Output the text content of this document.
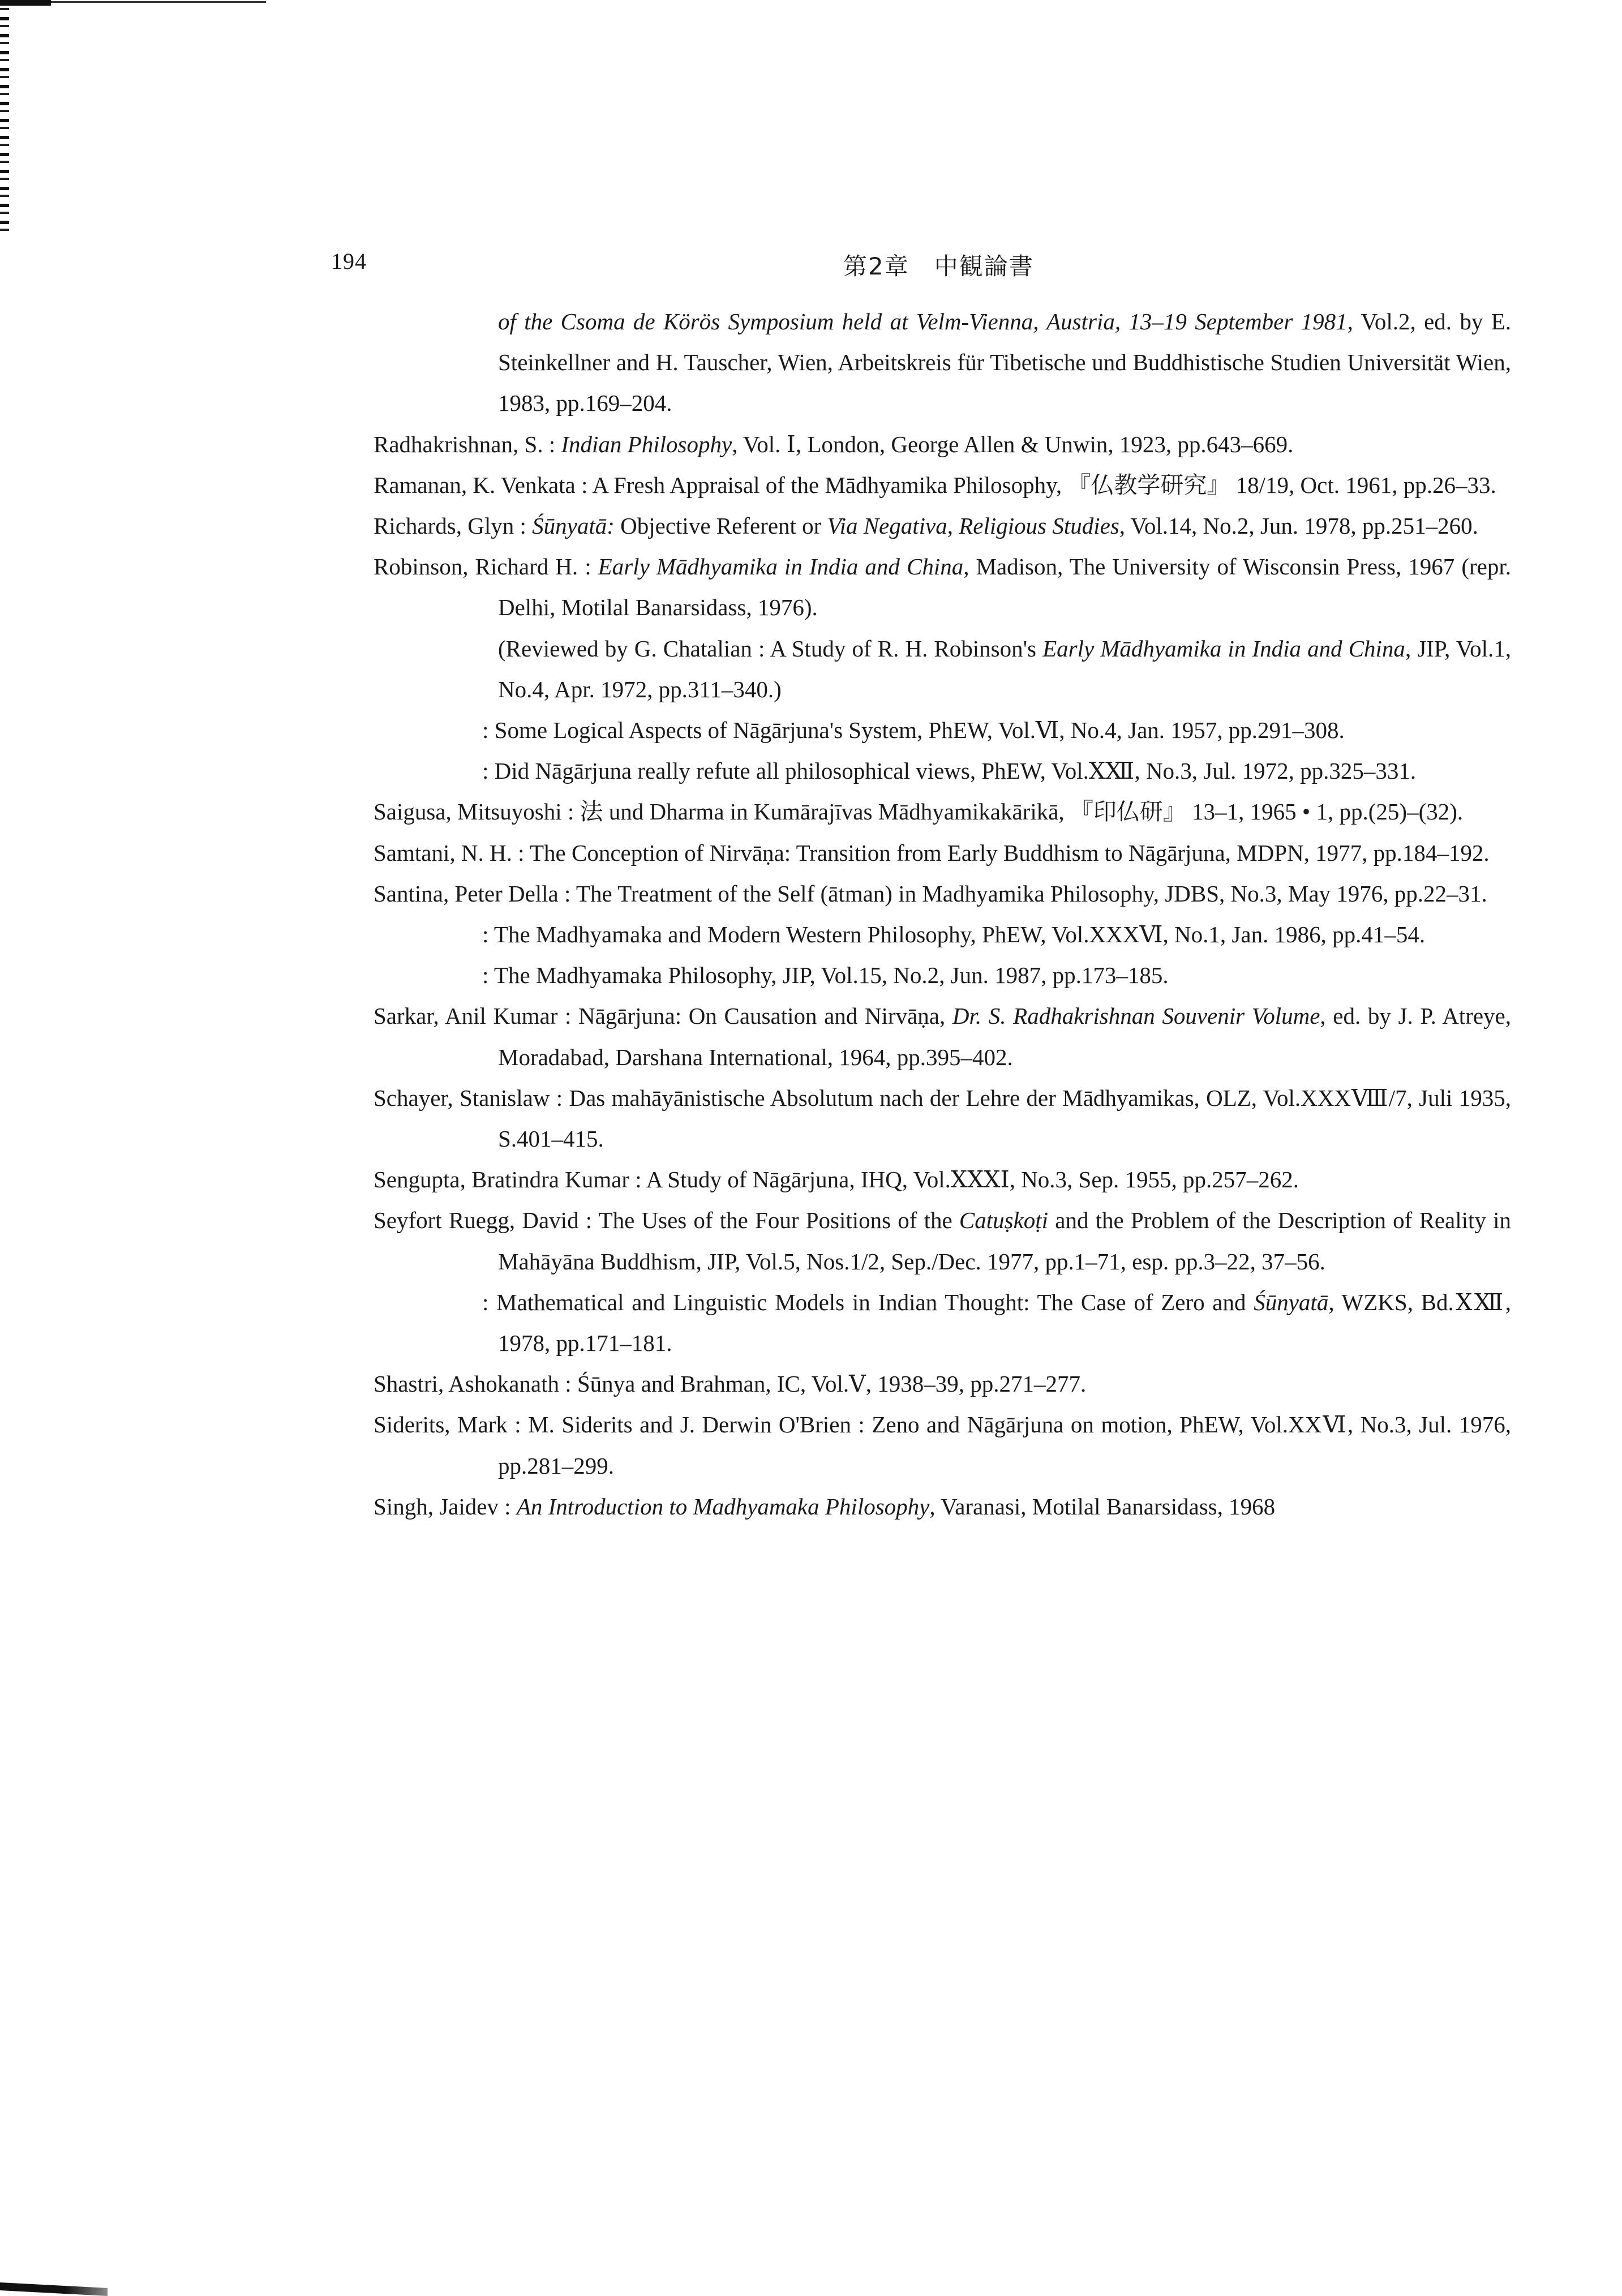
194	第2章　中観論書

of the Csoma de Körös Symposium held at Velm-Vienna, Austria, 13–19 September 1981, Vol.2, ed. by E. Steinkellner and H. Tauscher, Wien, Arbeitskreis für Tibetische und Buddhistische Studien Universität Wien, 1983, pp.169–204.

Radhakrishnan, S. : Indian Philosophy, Vol. Ⅰ, London, George Allen & Unwin, 1923, pp.643–669.

Ramanan, K. Venkata : A Fresh Appraisal of the Mādhyamika Philosophy, 『仏教学研究』 18/19, Oct. 1961, pp.26–33.

Richards, Glyn : Śūnyatā: Objective Referent or Via Negativa, Religious Studies, Vol.14, No.2, Jun. 1978, pp.251–260.

Robinson, Richard H. : Early Mādhyamika in India and China, Madison, The University of Wisconsin Press, 1967 (repr. Delhi, Motilal Banarsidass, 1976).

(Reviewed by G. Chatalian : A Study of R. H. Robinson's Early Mādhyamika in India and China, JIP, Vol.1, No.4, Apr. 1972, pp.311–340.)

: Some Logical Aspects of Nāgārjuna's System, PhEW, Vol.Ⅵ, No.4, Jan. 1957, pp.291–308.

: Did Nāgārjuna really refute all philosophical views, PhEW, Vol.ⅩⅫ, No.3, Jul. 1972, pp.325–331.

Saigusa, Mitsuyoshi : 法 und Dharma in Kumārajīvas Mādhyamikakārikā, 『印仏研』 13–1, 1965 • 1, pp.(25)–(32).

Samtani, N. H. : The Conception of Nirvāṇa: Transition from Early Buddhism to Nāgārjuna, MDPN, 1977, pp.184–192.

Santina, Peter Della : The Treatment of the Self (ātman) in Madhyamika Philosophy, JDBS, No.3, May 1976, pp.22–31.

: The Madhyamaka and Modern Western Philosophy, PhEW, Vol.XXXⅥ, No.1, Jan. 1986, pp.41–54.

: The Madhyamaka Philosophy, JIP, Vol.15, No.2, Jun. 1987, pp.173–185.

Sarkar, Anil Kumar : Nāgārjuna: On Causation and Nirvāṇa, Dr. S. Radhakrishnan Souvenir Volume, ed. by J. P. Atreye, Moradabad, Darshana International, 1964, pp.395–402.

Schayer, Stanislaw : Das mahāyānistische Absolutum nach der Lehre der Mādhyamikas, OLZ, Vol.XXXⅧ/7, Juli 1935, S.401–415.

Sengupta, Bratindra Kumar : A Study of Nāgārjuna, IHQ, Vol.ⅩⅩⅩⅠ, No.3, Sep. 1955, pp.257–262.

Seyfort Ruegg, David : The Uses of the Four Positions of the Catuṣkoṭi and the Problem of the Description of Reality in Mahāyāna Buddhism, JIP, Vol.5, Nos.1/2, Sep./Dec. 1977, pp.1–71, esp. pp.3–22, 37–56.

: Mathematical and Linguistic Models in Indian Thought: The Case of Zero and Śūnyatā, WZKS, Bd.ⅩⅫ, 1978, pp.171–181.

Shastri, Ashokanath : Śūnya and Brahman, IC, Vol.Ⅴ, 1938–39, pp.271–277.

Siderits, Mark : M. Siderits and J. Derwin O'Brien : Zeno and Nāgārjuna on motion, PhEW, Vol.XXⅥ, No.3, Jul. 1976, pp.281–299.

Singh, Jaidev : An Introduction to Madhyamaka Philosophy, Varanasi, Motilal Banarsidass, 1968
